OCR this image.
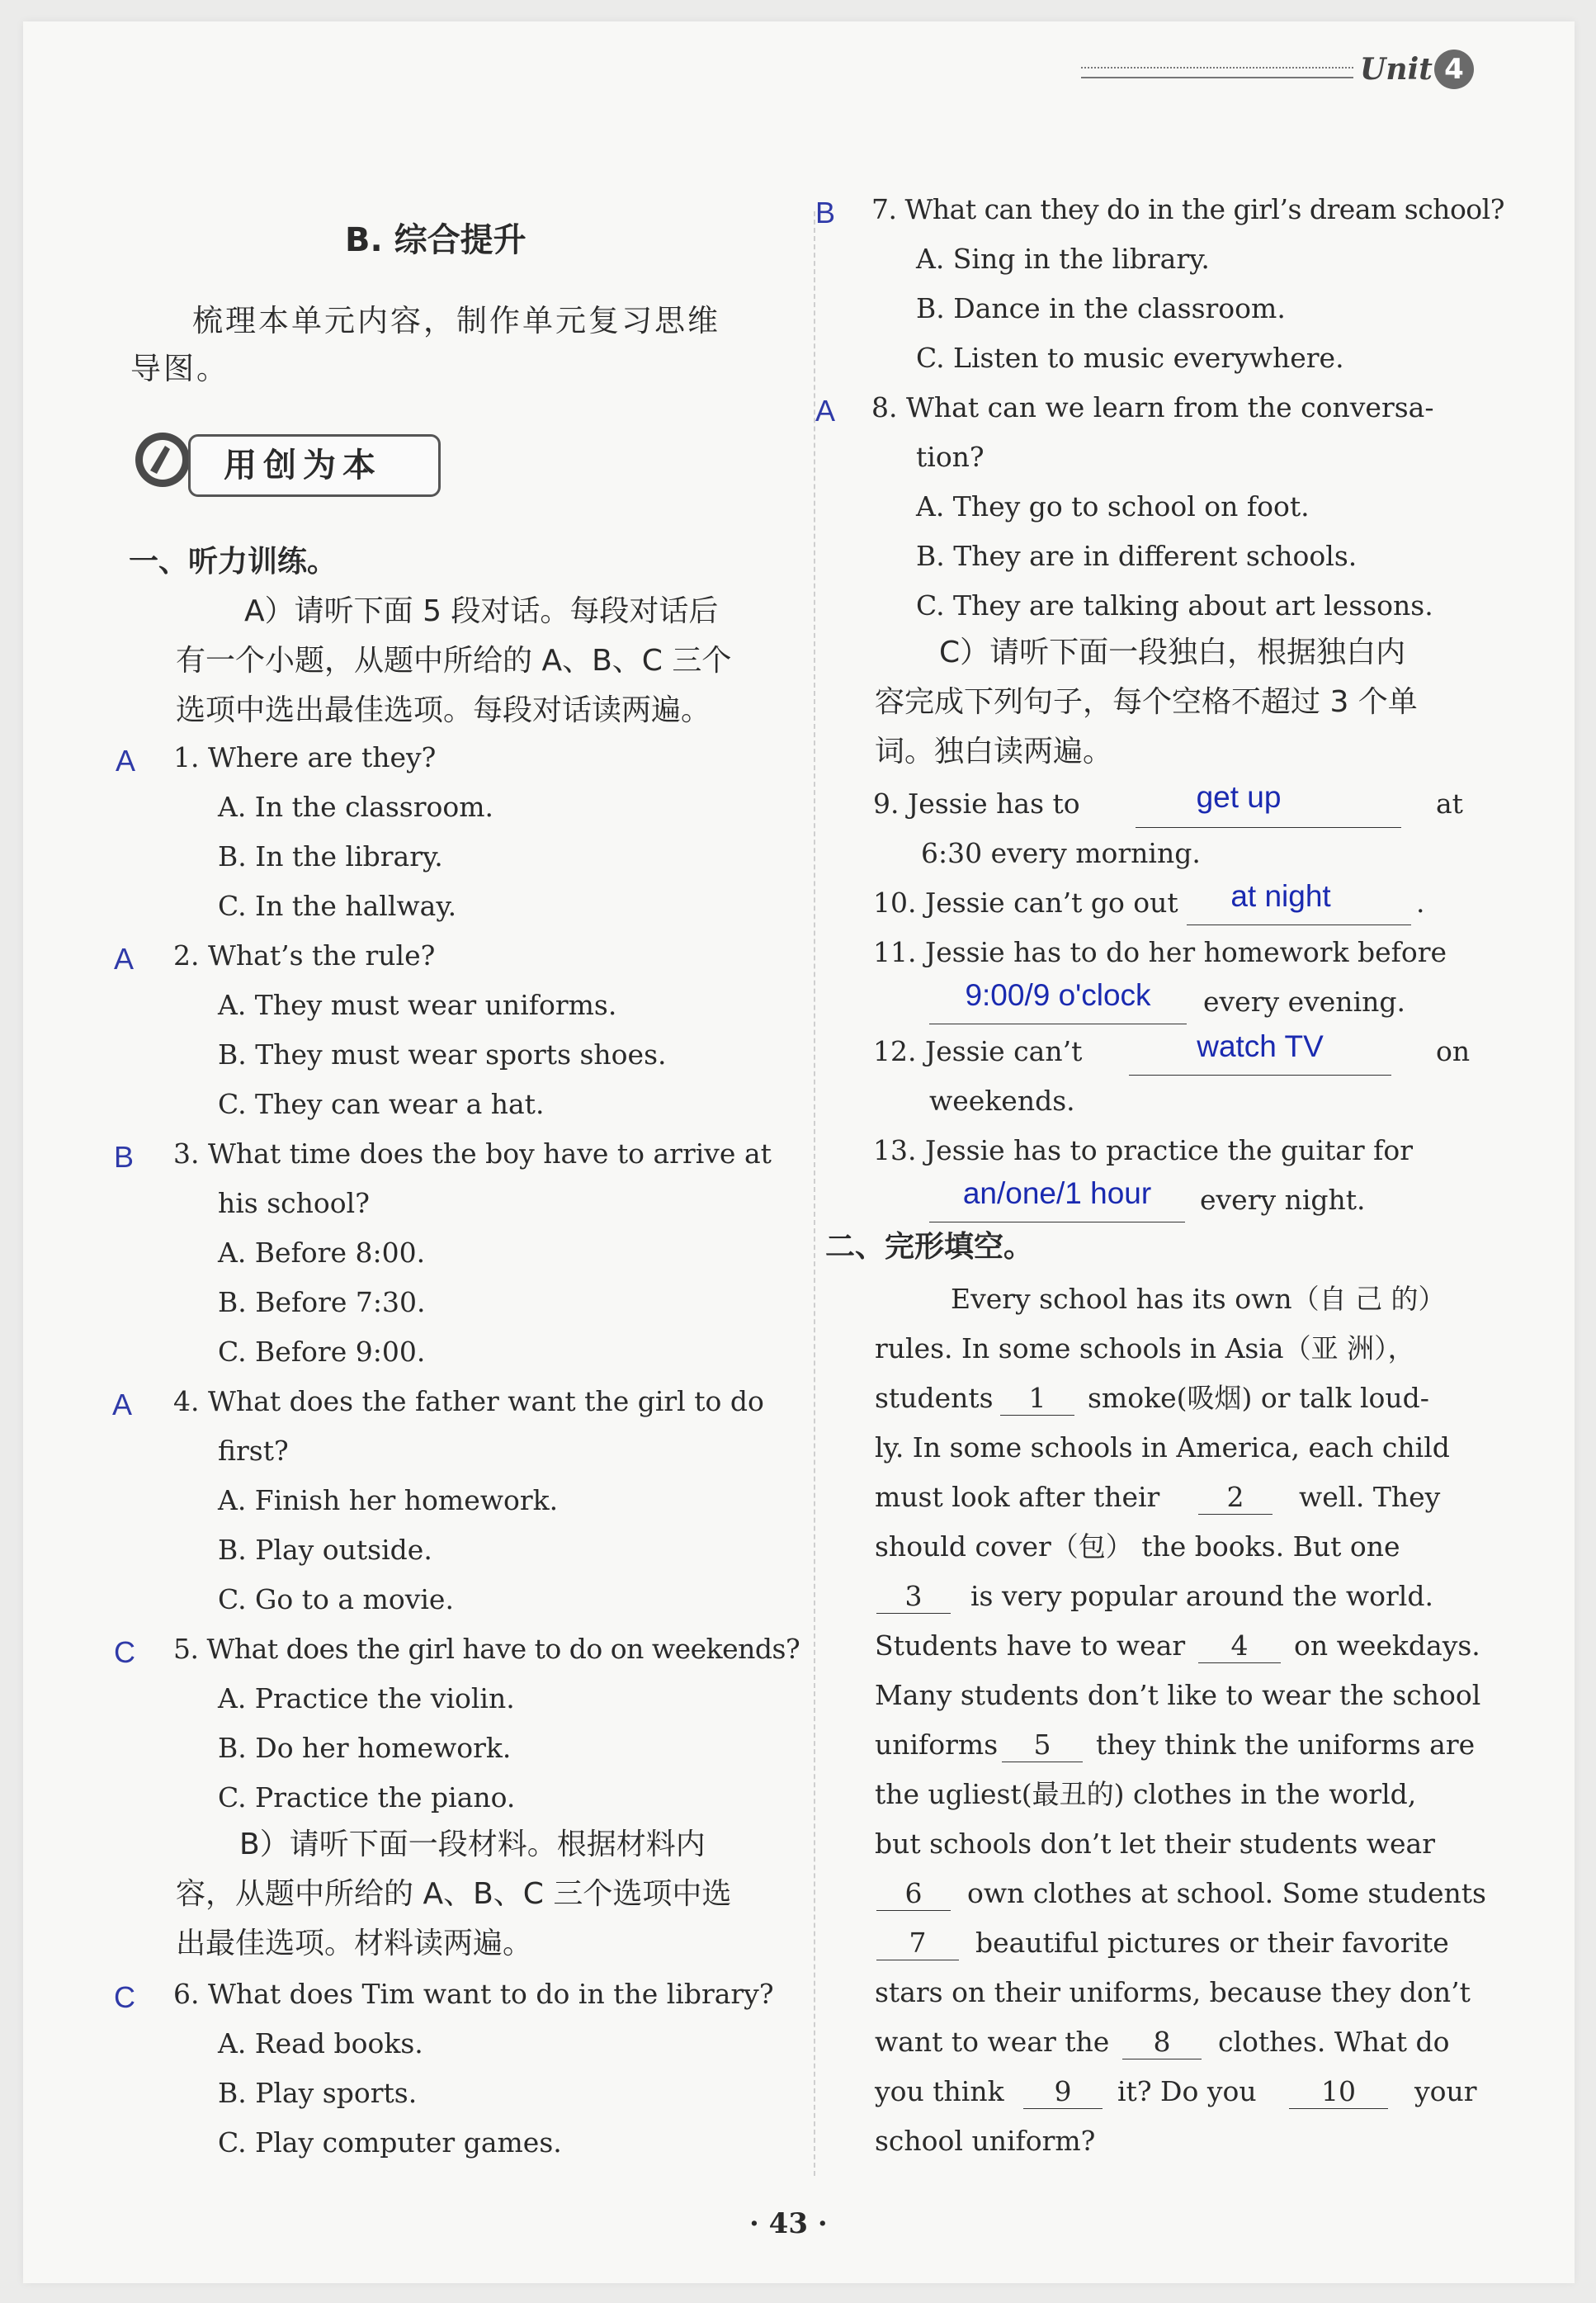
Unit 4
B. 综合提升
梳理本单元内容，制作单元复习思维
导图。
用创为本
一、听力训练。
A）请听下面 5 段对话。每段对话后
有一个小题，从题中所给的 A、B、C 三个
选项中选出最佳选项。每段对话读两遍。
A 1. Where are they?
A. In the classroom.
B. In the library.
C. In the hallway.
A 2. What’s the rule?
A. They must wear uniforms.
B. They must wear sports shoes.
C. They can wear a hat.
B 3. What time does the boy have to arrive at
his school?
A. Before 8:00.
B. Before 7:30.
C. Before 9:00.
A 4. What does the father want the girl to do
first?
A. Finish her homework.
B. Play outside.
C. Go to a movie.
C 5. What does the girl have to do on weekends?
A. Practice the violin.
B. Do her homework.
C. Practice the piano.
B）请听下面一段材料。根据材料内
容，从题中所给的 A、B、C 三个选项中选
出最佳选项。材料读两遍。
C 6. What does Tim want to do in the library?
A. Read books.
B. Play sports.
C. Play computer games.
B 7. What can they do in the girl’s dream school?
A. Sing in the library.
B. Dance in the classroom.
C. Listen to music everywhere.
A 8. What can we learn from the conversa-
tion?
A. They go to school on foot.
B. They are in different schools.
C. They are talking about art lessons.
C）请听下面一段独白，根据独白内
容完成下列句子，每个空格不超过 3 个单
词。独白读两遍。
9. Jessie has to	get up	at
6:30 every morning.
10. Jessie can’t go out	at night	.
11. Jessie has to do her homework before
9:00/9 o'clock	every evening.
12. Jessie can’t	watch TV	on
weekends.
13. Jessie has to practice the guitar for
an/one/1 hour	every night.
二、完形填空。
Every school has its own（自 己 的）
rules. In some schools in Asia（亚 洲），
students	1	smoke(吸烟) or talk loud-
ly. In some schools in America, each child
must look after their	2	well. They
should cover（包） the books. But one
3	is very popular around the world.
Students have to wear	4	on weekdays.
Many students don’t like to wear the school
uniforms	5	they think the uniforms are
the ugliest(最丑的) clothes in the world,
but schools don’t let their students wear
6	own clothes at school. Some students
7	beautiful pictures or their favorite
stars on their uniforms, because they don’t
want to wear the	8	clothes. What do
you think	9	it? Do you	10	your
school uniform?
· 43 ·
